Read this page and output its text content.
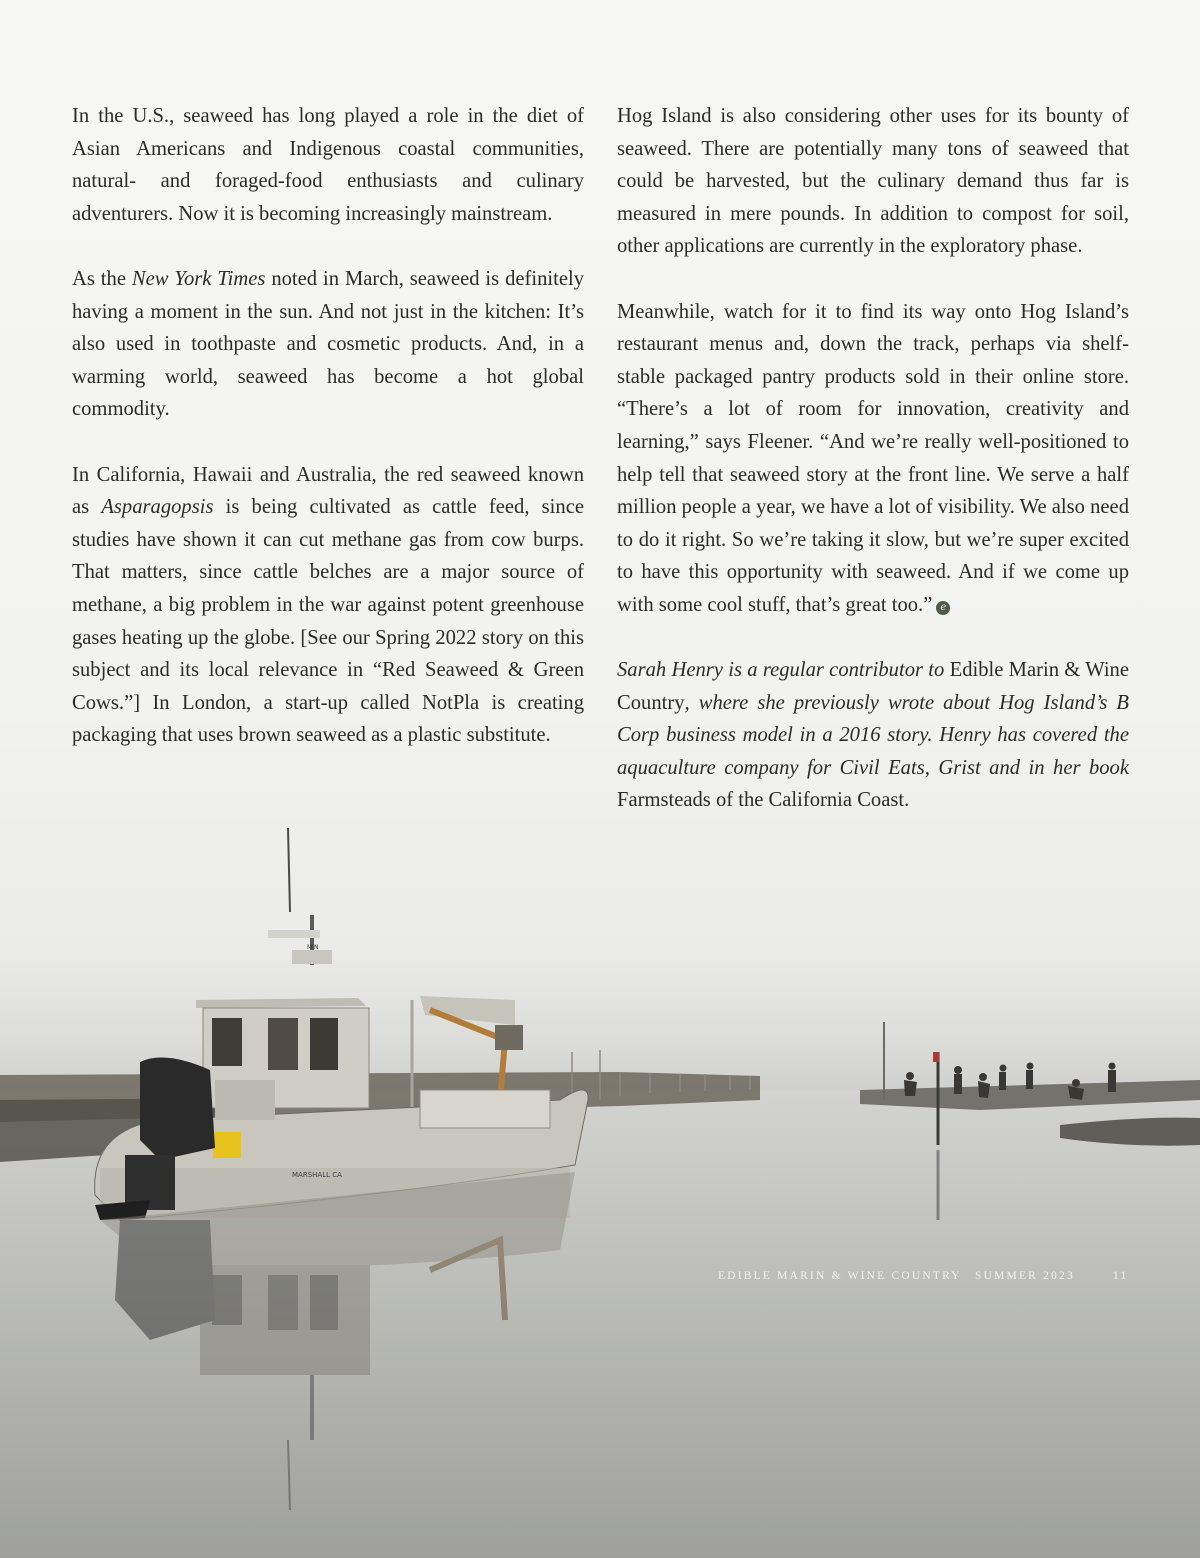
In the U.S., seaweed has long played a role in the diet of Asian Americans and Indigenous coastal communities, natural- and foraged-food enthusiasts and culinary adventurers. Now it is becoming increasingly mainstream.

As the New York Times noted in March, seaweed is definitely having a moment in the sun. And not just in the kitchen: It’s also used in toothpaste and cosmetic products. And, in a warming world, seaweed has become a hot global commodity.

In California, Hawaii and Australia, the red seaweed known as Asparagopsis is being cultivated as cattle feed, since studies have shown it can cut methane gas from cow burps. That matters, since cattle belches are a major source of methane, a big problem in the war against potent greenhouse gases heating up the globe. [See our Spring 2022 story on this subject and its local relevance in “Red Seaweed & Green Cows.”] In London, a start-up called NotPla is creating packaging that uses brown seaweed as a plastic substitute.

Hog Island is also considering other uses for its bounty of seaweed. There are potentially many tons of seaweed that could be harvested, but the culinary demand thus far is measured in mere pounds. In addition to compost for soil, other applications are currently in the exploratory phase.

Meanwhile, watch for it to find its way onto Hog Island’s restaurant menus and, down the track, perhaps via shelf-stable packaged pantry products sold in their online store. “There’s a lot of room for innovation, creativity and learning,” says Fleener. “And we’re really well-positioned to help tell that seaweed story at the front line. We serve a half million people a year, we have a lot of visibility. We also need to do it right. So we’re taking it slow, but we’re super excited to have this opportunity with seaweed. And if we come up with some cool stuff, that’s great too.” e

Sarah Henry is a regular contributor to Edible Marin & Wine Country, where she previously wrote about Hog Island’s B Corp business model in a 2016 story. Henry has covered the aquaculture company for Civil Eats, Grist and in her book Farmsteads of the California Coast.

MIN
MARSHALL CA
EDIBLE MARIN & WINE COUNTRY SUMMER 2023	11
